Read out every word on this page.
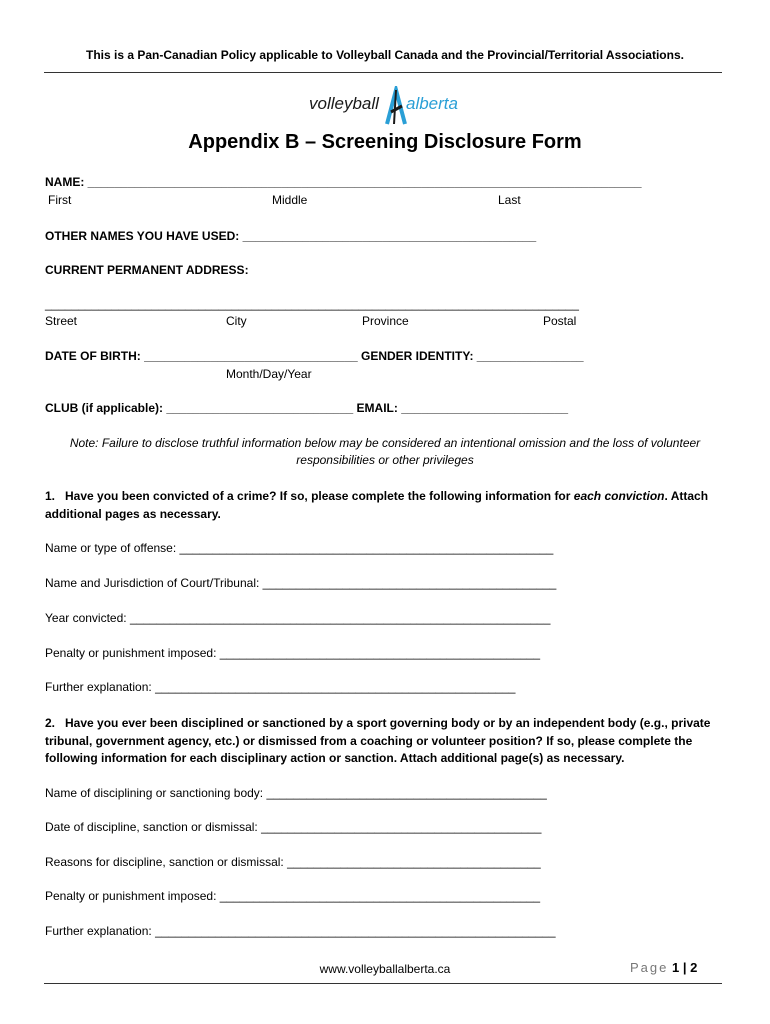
This is a Pan-Canadian Policy applicable to Volleyball Canada and the Provincial/Territorial Associations.
volleyball alberta
Appendix B – Screening Disclosure Form
NAME: ___________________________________________________________________________________
First	Middle	Last
OTHER NAMES YOU HAVE USED: ____________________________________________
CURRENT PERMANENT ADDRESS:
________________________________________________________________________________
Street	City	Province	Postal
DATE OF BIRTH: ________________________________ GENDER IDENTITY: ________________
Month/Day/Year
CLUB (if applicable): ____________________________ EMAIL: _________________________
Note: Failure to disclose truthful information below may be considered an intentional omission and the loss of volunteer
responsibilities or other privileges
1.   Have you been convicted of a crime? If so, please complete the following information for each conviction. Attach
additional pages as necessary.
Name or type of offense: ________________________________________________________
Name and Jurisdiction of Court/Tribunal: ____________________________________________
Year convicted: _______________________________________________________________
Penalty or punishment imposed: ________________________________________________
Further explanation: ______________________________________________________
2.   Have you ever been disciplined or sanctioned by a sport governing body or by an independent body (e.g., private
tribunal, government agency, etc.) or dismissed from a coaching or volunteer position? If so, please complete the
following information for each disciplinary action or sanction. Attach additional page(s) as necessary.
Name of disciplining or sanctioning body: __________________________________________
Date of discipline, sanction or dismissal: __________________________________________
Reasons for discipline, sanction or dismissal: ______________________________________
Penalty or punishment imposed: ________________________________________________
Further explanation: ____________________________________________________________
www.volleyballalberta.ca	Page 1 | 2
